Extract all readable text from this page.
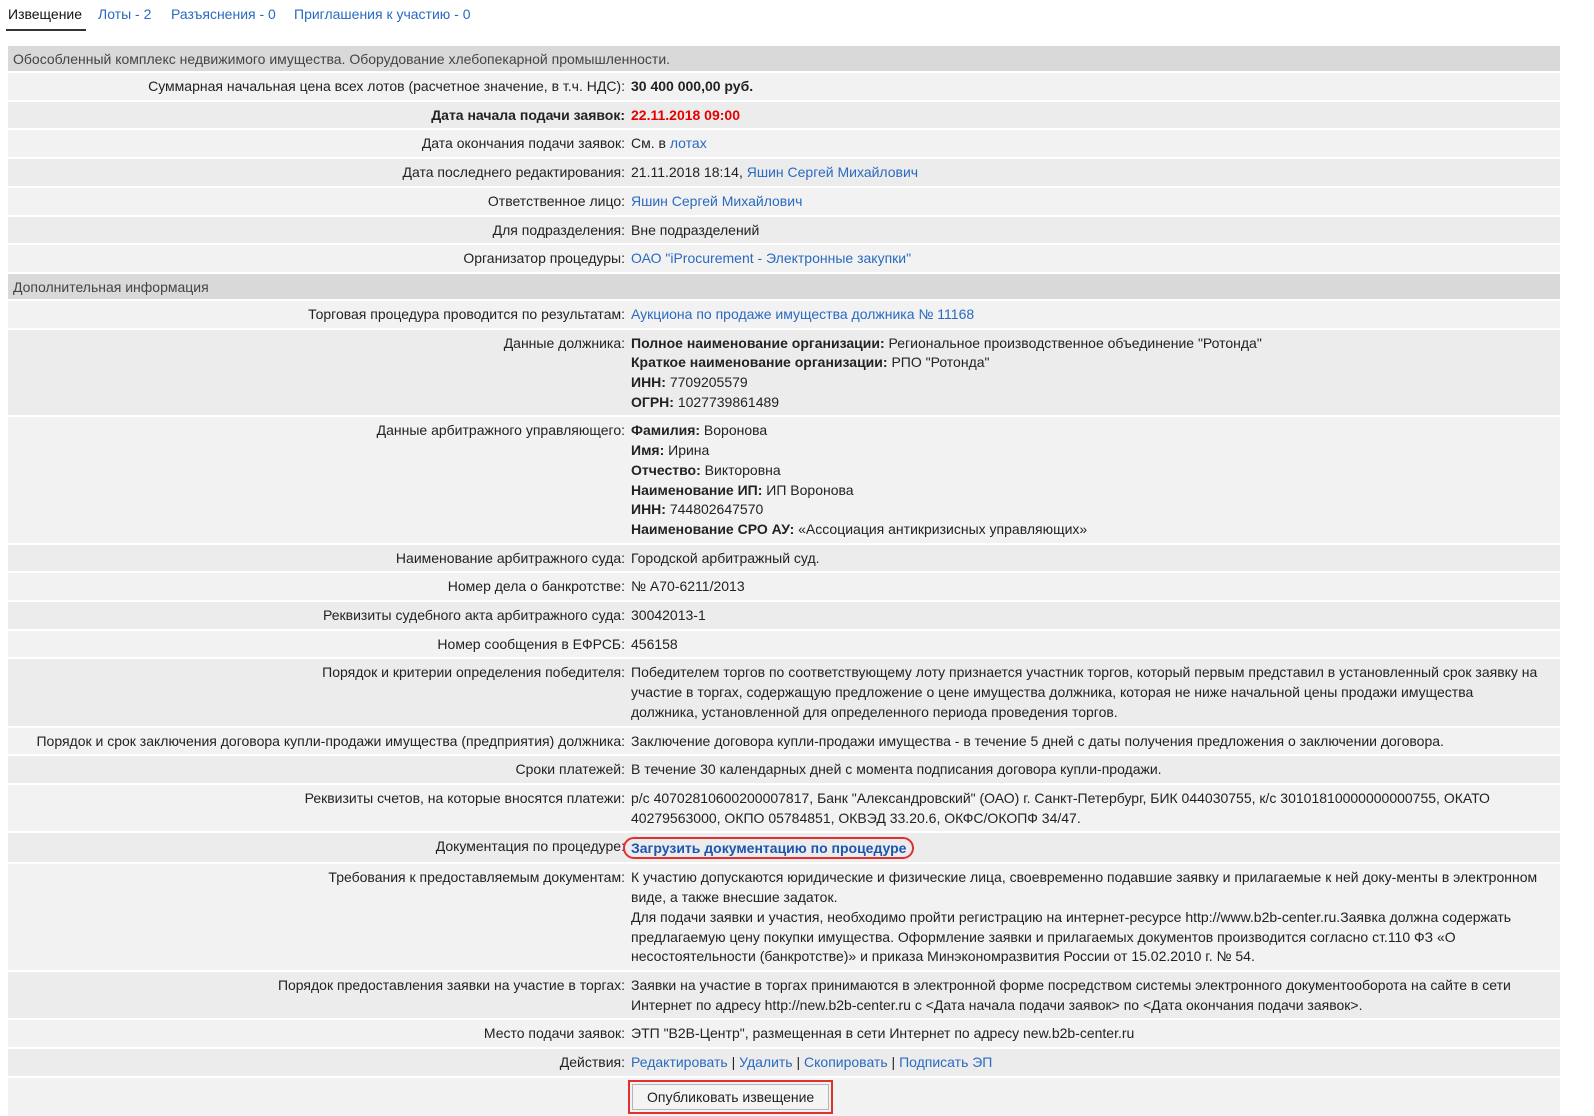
Извещение Лоты - 2 Разъяснения - 0 Приглашения к участию - 0
Обособленный комплекс недвижимого имущества. Оборудование хлебопекарной промышленности.
Суммарная начальная цена всех лотов (расчетное значение, в т.ч. НДС): 30 400 000,00 руб.
Дата начала подачи заявок: 22.11.2018 09:00
Дата окончания подачи заявок: См. в лотах
Дата последнего редактирования: 21.11.2018 18:14, Яшин Сергей Михайлович
Ответственное лицо: Яшин Сергей Михайлович
Для подразделения: Вне подразделений
Организатор процедуры: ОАО "iProcurement - Электронные закупки"
Дополнительная информация
Торговая процедура проводится по результатам: Аукциона по продаже имущества должника № 11168
Данные должника: Полное наименование организации: Региональное производственное объединение "Ротонда"
Краткое наименование организации: РПО "Ротонда"
ИНН: 7709205579
ОГРН: 1027739861489
Данные арбитражного управляющего: Фамилия: Воронова
Имя: Ирина
Отчество: Викторовна
Наименование ИП: ИП Воронова
ИНН: 744802647570
Наименование СРО АУ: «Ассоциация антикризисных управляющих»
Наименование арбитражного суда: Городской арбитражный суд.
Номер дела о банкротстве: № А70-6211/2013
Реквизиты судебного акта арбитражного суда: 30042013-1
Номер сообщения в ЕФРСБ: 456158
Порядок и критерии определения победителя: Победителем торгов по соответствующему лоту признается участник торгов, который первым представил в установленный срок заявку на участие в торгах, содержащую предложение о цене имущества должника, которая не ниже начальной цены продажи имущества должника, установленной для определенного периода проведения торгов.
Порядок и срок заключения договора купли-продажи имущества (предприятия) должника: Заключение договора купли-продажи имущества - в течение 5 дней с даты получения предложения о заключении договора.
Сроки платежей: В течение 30 календарных дней с момента подписания договора купли-продажи.
Реквизиты счетов, на которые вносятся платежи: р/с 40702810600200007817, Банк "Александровский" (ОАО) г. Санкт-Петербург, БИК 044030755, к/с 30101810000000000755, ОКАТО 40279563000, ОКПО 05784851, ОКВЭД 33.20.6, ОКФС/ОКОПФ 34/47.
Документация по процедуре: Загрузить документацию по процедуре
Требования к предоставляемым документам: К участию допускаются юридические и физические лица, своевременно подавшие заявку и прилагаемые к ней доку-менты в электронном виде, а также внесшие задаток.
Для подачи заявки и участия, необходимо пройти регистрацию на интернет-ресурсе http://www.b2b-center.ru.Заявка должна содержать предлагаемую цену покупки имущества. Оформление заявки и прилагаемых документов производится согласно ст.110 ФЗ «О несостоятельности (банкротстве)» и приказа Минэкономразвития России от 15.02.2010 г. № 54.
Порядок предоставления заявки на участие в торгах: Заявки на участие в торгах принимаются в электронной форме посредством системы электронного документооборота на сайте в сети Интернет по адресу http://new.b2b-center.ru с <Дата начала подачи заявок> по <Дата окончания подачи заявок>.
Место подачи заявок: ЭТП "B2B-Центр", размещенная в сети Интернет по адресу new.b2b-center.ru
Действия: Редактировать | Удалить | Скопировать | Подписать ЭП
Опубликовать извещение
